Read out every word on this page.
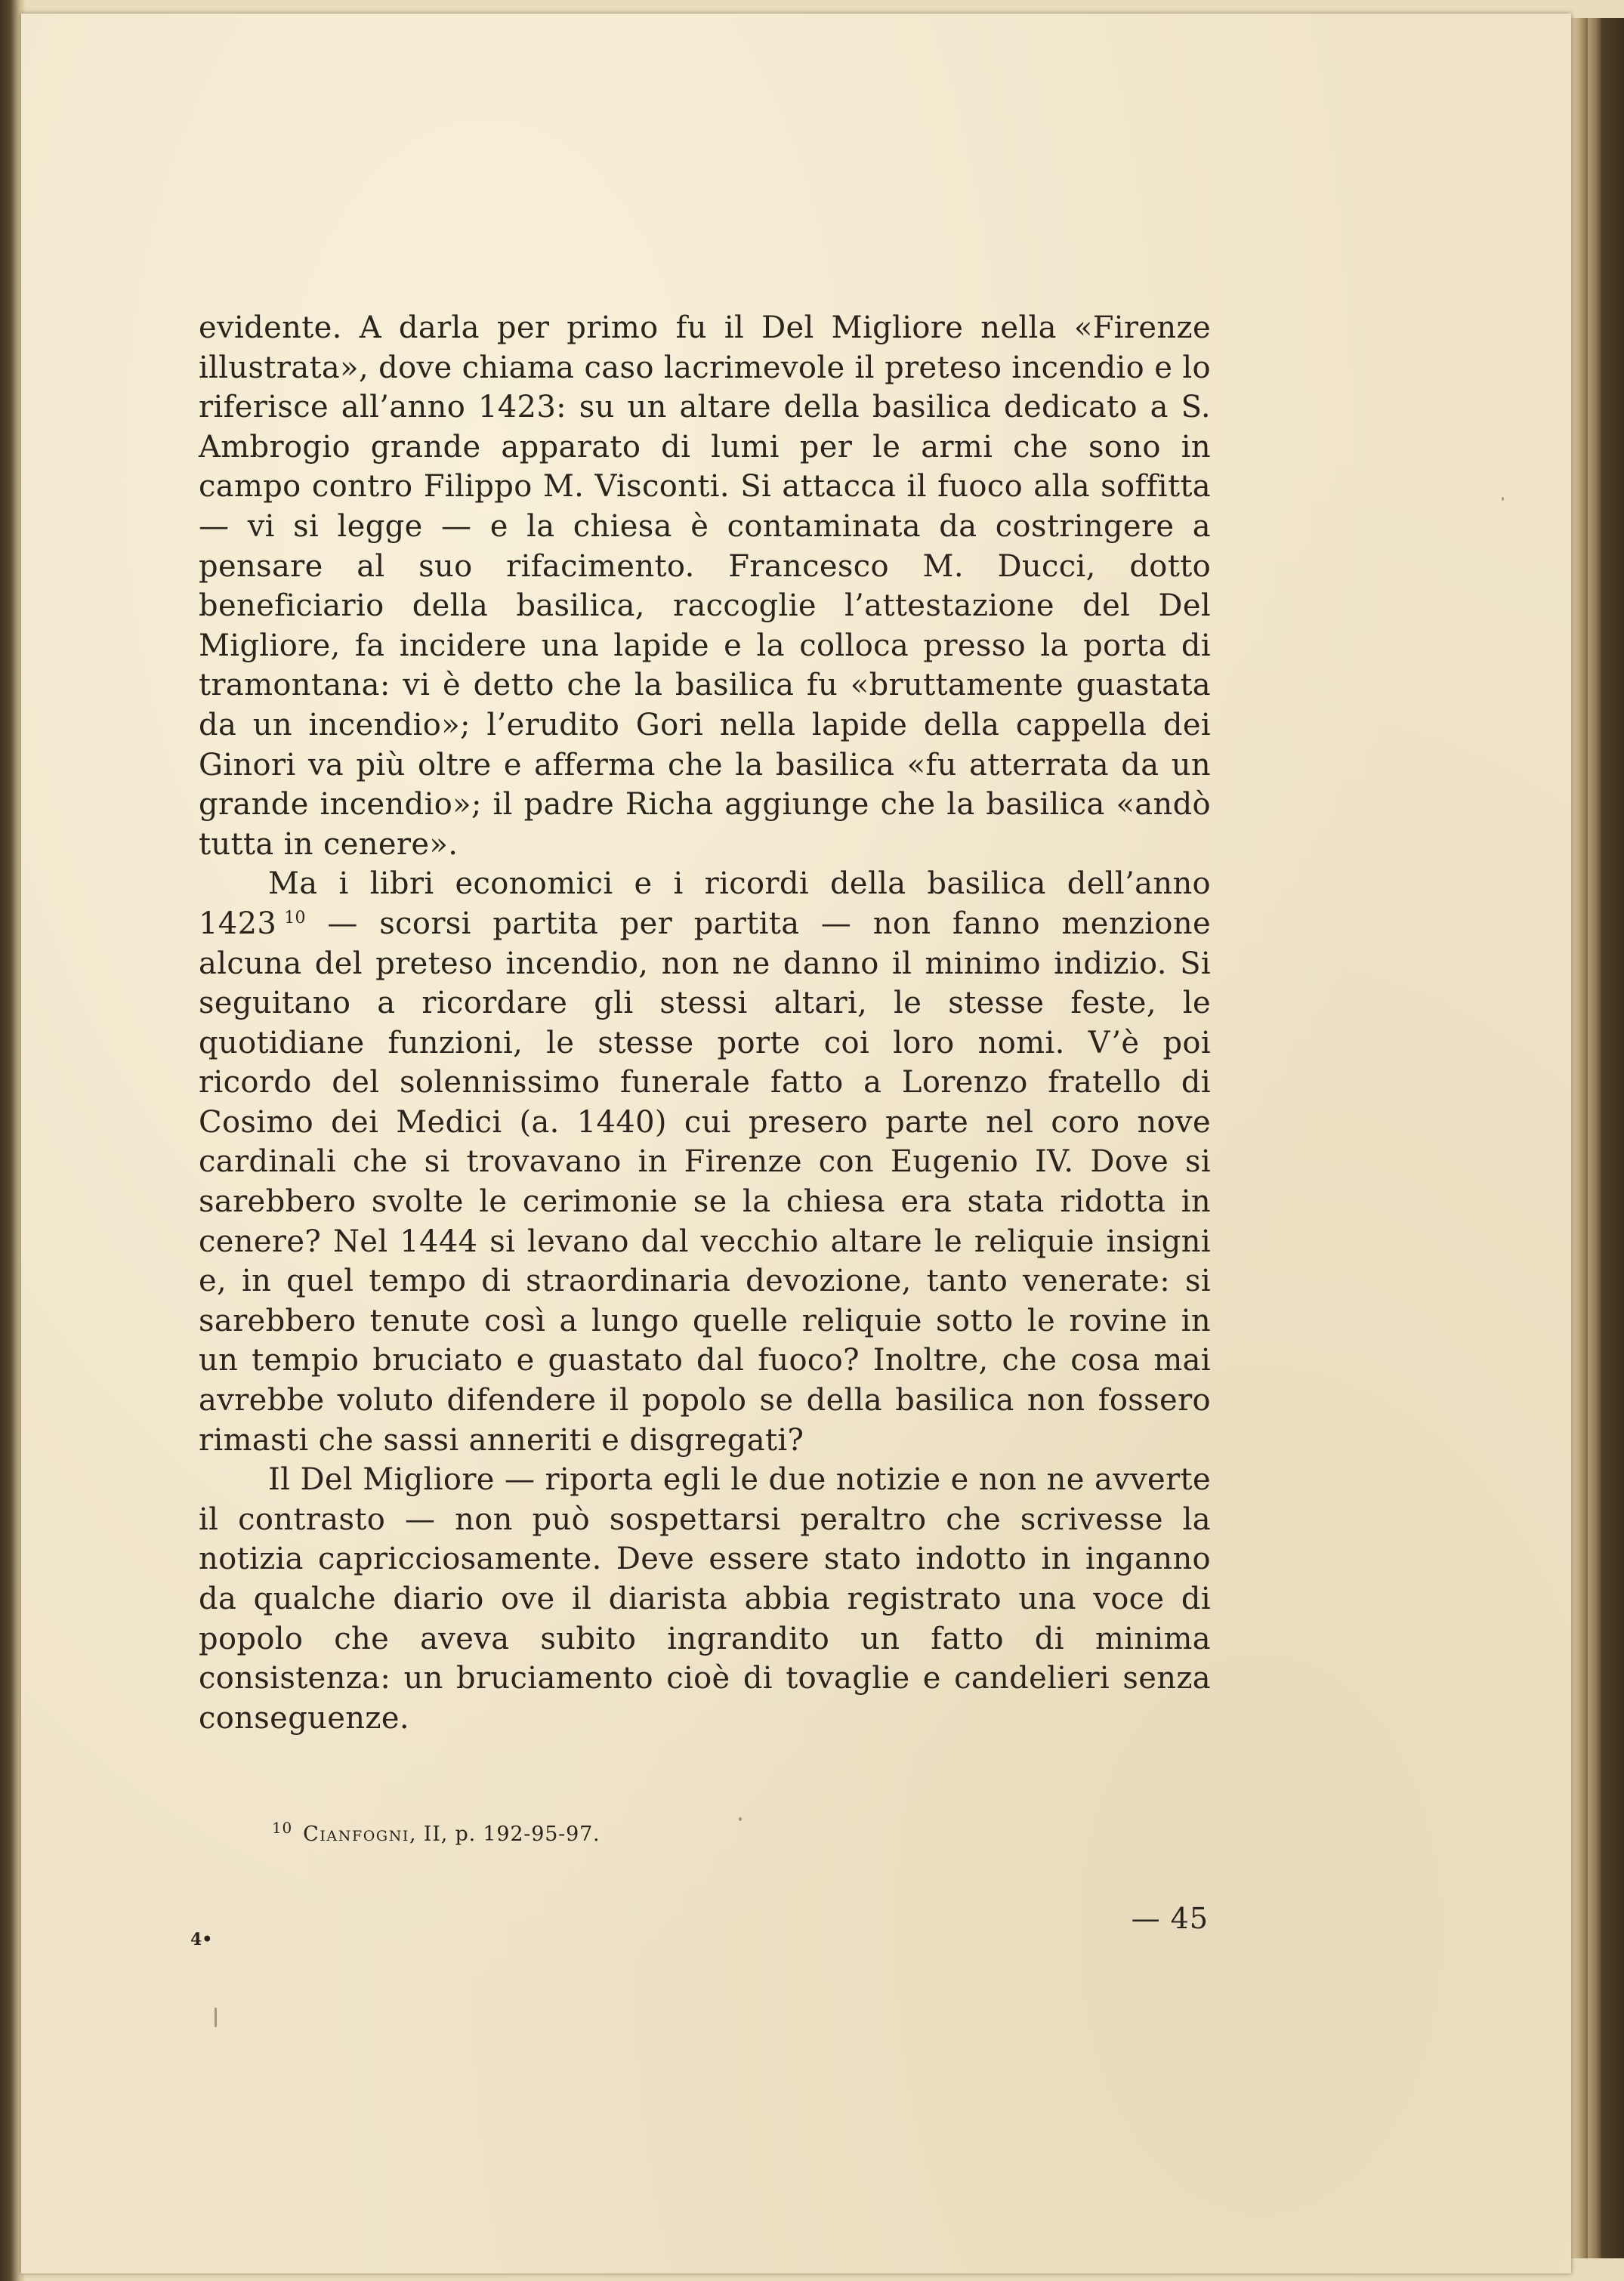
evidente. A darla per primo fu il Del Migliore nella «Firenze illustrata», dove chiama caso lacrimevole il preteso incendio e lo riferisce all’anno 1423: su un altare della basilica dedicato a S. Ambrogio grande apparato di lumi per le armi che sono in campo contro Filippo M. Visconti. Si attacca il fuoco alla soffitta — vi si legge — e la chiesa è contaminata da costringere a pensare al suo rifacimento. Francesco M. Ducci, dotto beneficiario della basilica, raccoglie l’attestazione del Del Migliore, fa incidere una lapide e la colloca presso la porta di tramontana: vi è detto che la basilica fu «bruttamente guastata da un incendio»; l’erudito Gori nella lapide della cappella dei Ginori va più oltre e afferma che la basilica «fu atterrata da un grande incendio»; il padre Richa aggiunge che la basilica «andò tutta in cenere».

Ma i libri economici e i ricordi della basilica dell’anno 1423 $^{10}$ — scorsi partita per partita — non fanno menzione alcuna del preteso incendio, non ne danno il minimo indizio. Si seguitano a ricordare gli stessi altari, le stesse feste, le quotidiane funzioni, le stesse porte coi loro nomi. V’è poi ricordo del solennissimo funerale fatto a Lorenzo fratello di Cosimo dei Medici (a. 1440) cui presero parte nel coro nove cardinali che si trovavano in Firenze con Eugenio IV. Dove si sarebbero svolte le cerimonie se la chiesa era stata ridotta in cenere? Nel 1444 si levano dal vecchio altare le reliquie insigni e, in quel tempo di straordinaria devozione, tanto venerate: si sarebbero tenute così a lungo quelle reliquie sotto le rovine in un tempio bruciato e guastato dal fuoco? Inoltre, che cosa mai avrebbe voluto difendere il popolo se della basilica non fossero rimasti che sassi anneriti e disgregati?

Il Del Migliore — riporta egli le due notizie e non ne avverte il contrasto — non può sospettarsi peraltro che scrivesse la notizia capricciosamente. Deve essere stato indotto in inganno da qualche diario ove il diarista abbia registrato una voce di popolo che aveva subito ingrandito un fatto di minima consistenza: un bruciamento cioè di tovaglie e candelieri senza conseguenze.

$^{10}$ Cianfogni, II, p. 192-95-97.
— 45
4•
